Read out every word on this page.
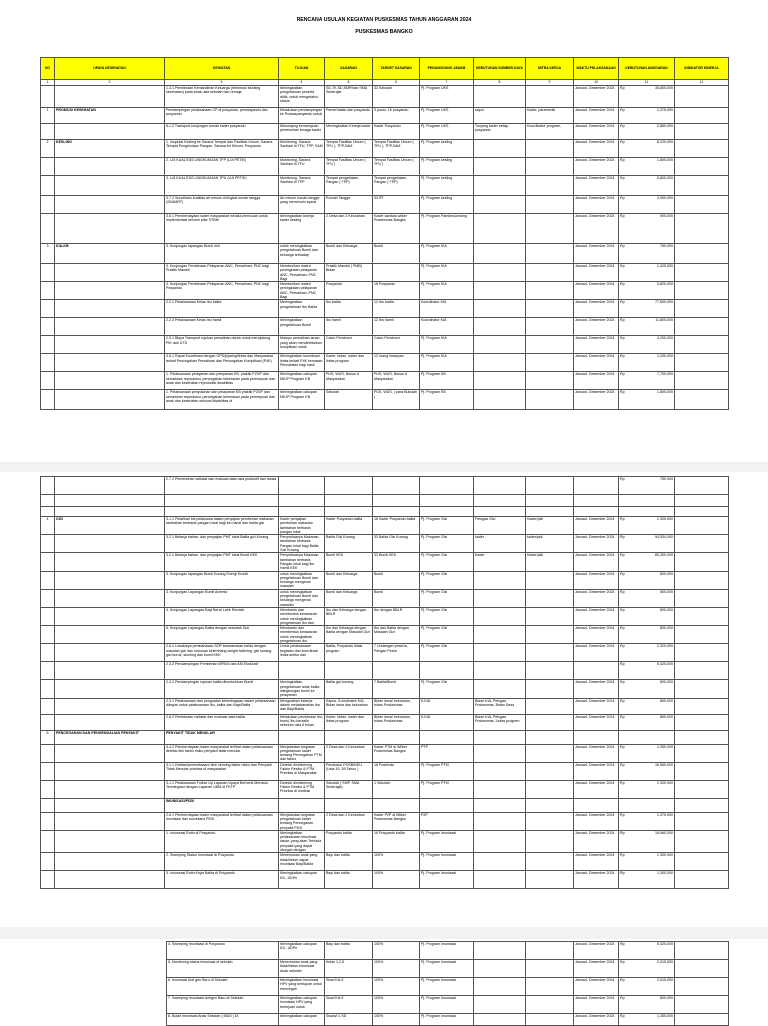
RENCANA USULAN KEGIATAN PUSKESMAS TAHUN ANGGARAN 2024
PUSKESMAS BANGKO
NO	UPAYA KESEHATAN	KEGIATAN	TUJUAN	SASARAN	TARGET SASARAN	PENANGGUNG JAWAB	KEBUTUHAN SUMBER DAYA	MITRA KERJA	WAKTU PELAKSANAAN	KEBUTUHAN ANGGARAN	INDIKATOR KINERJA
1	2	3	4	5	6	7	8	9	10	11	12
		1.3.1 Pembinaan Kemandirian Keluarga (Informasi stunting kesehatan) pada anak usia sekolah dan remaja	Meningkatkan pengetahuan peserta didik, untuk mengetahui status	SD,TK,SD,SMP/dan SMA Sederajat	33 Sekolah	Pj. Program UKS			Januari- Desember 2024	Rp 35,800,000	

1	PROMOSI KESEHATAN	Pendampingan pelaksanaan CP di posyandu, pemadyandu dan posyandu	Melakukan pendampingan ke Puskaspanyandu untuk	Pemerhatian dan posyandu	3 pustu, 16 posyandu	Pj. Program UKS	sapul	Kader, paramedis	Januari- Desember 2024	Rp 2,375,000	

		6.1.2 Transport kunjungan rumah kader posyandu	Menunjang kemampuan pemenuhan tenaga kader	Meningkatkan Kinerja kader	Kader Posyandu	Pj. Program UKS	Tunjang kader setiap posyandu	Koordinator program,	Januari- Desember 2024	Rp 2,880,000	

2	KESLING	1. Inspeksi Kesling ke Sarana Tempat dan Fasilitas Umum, Sarana Tempat Pengelolaan Pangan, Sarana Air Minum, Posyandu	Monitoring, Sarana Sanitasi di TFU, TPP, SAM	Tempat Fasilitas Umum ( TFU ), TPP,SAM	Tempat Fasilitas Umum ( TFU ), TPP,SAM	Pj. Program kesling			Januari- Desember 2024	Rp 8,220,000	

		2. UJI KUALITAS LINGKUNGAN TFP (UJI PETIK)	Monitoring, Sarana Sanitasi di TFU	Tempat Fasilitas Umum ( TFU )	Tempat Fasilitas Umum ( TFU )	Pj. Program kesling			Januari- Desember 2024	Rp 1,800,000	

		3. UJI KUALITAS LINGKUNGAN TPU (UJI PETIK)	Monitoring, Sarana Sanitasi di TPP	Tempat pengelolaan Pangan ( TPP)	Tempat pengelolaan Pangan ( TPP)	Pj. Program kesling			Januari- Desember 2024	Rp 6,800,000	

		3.7.2 Surveilans kualitas air minum di tingkat rumah tangga (SKAMRT)	Air minum rumah tangga yang memenuhi syarat	Rumah Tangga	33 RT	Pj. Program kesling			Januari- Desember 2024	Rp 3,900,000	

		3.6.1 Pemberdayaan kader masyarakat melalui pemicuan untuk implementasi seluruh pilar STBM	Meningkatkan kinerja kader kesling	2 Desa dan 2 Kelurahan	Kader sanitasi wilker Puskesmas Bangko	Pj. Program Pamilesi,kesling			Januari- Desember 2024	Rp 900,000	

3	KIA-KB	3. Kunjungan lapangan Bumil risti	untuk meningkatkan pengetahuan Bumil dan keluarga terhadap	Bumil dan Keluarga	Bumil	Pj. Program KIA			Januari- Desember 2024	Rp 750,000	

		3. Kunjungan Pembinaan Pelayanan ANC, Persalinan, PNC bagi Praktik Mandiri	Memberikan materi peningkatan pelayanan ANC, Persalinan, PNC Bagi	Praktik Mandiri ( PMB) Bidan		Pj. Program KIA			Januari- Desember 2024	Rp 1,425,000	

		3. Kunjungan Pembinaan Pelayanan ANC, Persalinan, PNC bagi Posyandu	Memberikan materi peningkatan pelayanan ANC, Persalinan, PNC Bagi	Posyandu	16 Posyandu	Pj. Program KIA			Januari- Desember 2024	Rp 5,820,000	

		2.2.1 Pelaksanaan Kelas Ibu balita	Meningkatkan pengetahuan Ibu Balita	Ibu balita	12 Ibu balita	Koordinator KIA			Januari- Desember 2024	Rp 77,800,000	

		2.2.2 Pelaksanaan Kelas Ibu hamil	Meningkatkan pengetahuan Bumil	Ibu hamil	12 Ibu hamil	Koordinator KIA			Januari- Desember 2024	Rp 11,800,000	

		2.5.1 Biaya Transport rujukan persalinan darah untuk merujukung PIK dari UTD	Mampu persalinan aman yang akan mendeteksikan komplikasi untuk	Calon Pendonor	Calon Pendonor	Pj. Program KIA			Januari- Desember 2024	Rp 4,200,000	

		3.6.1 Rapat Koordinasi dengan OPD/jejaring/lintas dan Masyarakat terkait Pencegahan Persalinan dan Pencegahan Komplikasi (P4K)	Meningkatkan koordinasi lintas terkait P4K kemasan Pencatatan bagi hasil	Kader, bidan, kader dan lintas program	12 orang lintaspan	Pj. Program KIA			Januari- Desember 2024	Rp 1,200,000	

		1. Pelaksanaan pelayanan dan pelayanan KB, praktik P2GP dan kemahiran reproduksi, pencegahan kekerasan pada perempuan dan anak dan kesehatan reproduksi disabilitas	Meningkatkan cakupan MKJP Program KB	PUS, WUS, Bukus & Masyarakat	PUS, WUS, Bukus & Masyarakat	Pj. Program KB			Januari- Desember 2024	Rp 7,700,000	

		1. Pelaksanaan penyuluhan dan pelayanan KB praktik P2GP dan kemahiran reproduksi, pencegahan kekerasan pada perempuan dan anak dan kesehatan seksual disabilitas di	Meningkatkan cakupan MKJP Program KB	Sekolah	PUS, WUS, ( para Bukulah )	Pj. Program KB			Januari- Desember 2024	Rp 1,800,000	

		2.7.2 Pemenuhan validasi dan evaluasi data usia produktif dan lansia								Rp 750,000	

4	GIZI	3.1.1 Pelatihan kls pelaksana dalam penyajian pemberian makanan tambahan berbasis pangan lokal bagi ibu hamil dan balita gizi	Kader penyajian pemberian makanan tambahan berbasis pangan lokal	Kader Posyandu balita	18 Kader Posyandu balita	Pj. Program Gizi	Petugas Gizi	Kader/pkk	Januari- Desember 2024	Rp 2,305,000	

		3.2.1 Belanja bahan, dan penyajian PMT lokal Balita gizi Kurang	Penyediaanya Makanan tambahan berbasis Pangan lokal bagi Balita Gizi Kurang	Balita Gizi Kurang	33 Balita Gizi Kurang	Pj. Program Gizi	kader	kader/pkk	Januari- Desember 2024	Rp 94,534,000	

		3.2.1 Belanja bahan, dan penyajian PMT lokal Bumil KEK	Penyediaanya Makanan tambahan berbasis Pangan lokal bagi ibu Hamil KEK	Bumil KEK	33 Bumil KEK	Pj. Program Gizi	Kader	Kader/pkk	Januari- Desember 2024	Rp 80,300,000	

		3. Kunjungan lapangan Bumil Kurang Energi Kronik	untuk meningkatkan pengetahuan Bumil dan keluarga mengenai masalah	Bumil dan Keluarga	Bumil	Pj. Program Gizi			Januari- Desember 2024	Rp 800,000	

		3. Kunjungan Lapangan Bumil Anemia	untuk meningkatkan pengetahuan Bumil dan keluarga mengenai masalah	Bumil dan Keluarga	Bumil	Pj. Program Gizi			Januari- Desember 2024	Rp 800,000	

		4. Kunjungan Lapangan Bayi Berat Lahir Rendah	Membantu dan membentuk kerawanan untuk meningkatkan pengetahuan ibu dan	Ibu dan Keluarga dengan BBLR	Ibu dengan BBLR	Pj. Program Gizi			Januari- Desember 2024	Rp 800,000	

		5. Kunjungan Lapangan Balita dengan masalah Gizi	Membantu dan membentuk kerawanan untuk meningkatkan pengetahuan ibu	Ibu dan Keluarga dengan Balita dengan Masalah Gizi	Ibu dan Balita dengan Masalah Gizi	Pj. Program Gizi			Januari- Desember 2024	Rp 800,000	

		2.6.1 Lokakarya pembahasan SOP keselamatan balita dengan masalah gizi dan rumusan kelembang weight faltering, gizi kurang, gizi buruk, stunting dan bumil KEK	Untuk pelaksanaan kegiatan dan koordinasi lintas sektor dan	Balita, Posyandu lintas program	7 Undangan peserta, Pengan Pesta	Pj. Program Gizi			Januari- Desember 2024	Rp 2,320,000	

		2.3.2 Pendampingan Pemberian MPASI dan ASI Eksklusif								Rp 5,420,000	

		2.3.2 Pendampingan rujukan balita ditumbuhkan Bumil	Meningkatkan pengetahuan anak balita dilingkungan bumil ke pelayanan	Balita gizi kurang	7 Balita/Bumil	Pj. Program Gizi			Januari- Desember 2024	Rp 800,000	

		2.3.1 Pelaksanaan dan penguatan kelembagaan dalam pelaksanaan dibayar untuk pelaksanaan ibu, balita dan Bayi/Balita	Menguatkan sekerja dalam melaksanakan Ibu dan Bayi/Balita	Kapus, Koordinator KIA, Bidan desa dan kelurahan	Bidan desa/ kelurahan, bidan Puskesmas	K.KIA	Bidan KIA, Petugas Puskesmas, Bidan Desa		Januari- Desember 2024	Rp 800,000	

		2.6.2 Pembinaan validasi dan evaluasi data balita	Melakukan pembinaan ibu, bumil, ibu bersalin sebelum usia 6 bulan	Kader, bidan, kader dan lintas program	Bidan desa/ kelurahan, bidan Puskesmas	K.KIA	Bidan KIA, Petugas Puskesmas, Lintas program		Januari- Desember 2024	Rp 800,000	

5	PENCEGAHAN DAN PENGENDALIAN PENYAKIT	PENYAKIT TIDAK MENULAR									
		4.4.2 Pemberdayaan kader masyarakat terlibat dalam pelaksanaan deteksi dini faktor risiko penyakit tidak menular	Menjalankan kegiatan pengetahuan kader tentang Pencegahan PTM dan faktor	2 Desa dan 2 Kelurahan	Kader PTM di Wilker Puskesmas Bangko	PTP			Januari- Desember 2024	Rp 1,350,000	

		3.1.1 Deteksi/pemeriksaan/ dini/ skrining faktor risiko dan Penyakit Tidak Menular prioritas di masyarakat	Deteksi dini/skrining Faktor Resiko & PTM Prioritas di Masyarakat	Penduduk POSBINDU (Usia 15- 59 Tahun )	16 Posbindu	Pj. Program PTM			Januari- Desember 2024	Rp 16,560,000	

		3.1.1 Pelaksanaan Follow Up Layanan Upaya Berhenti Merokok Terintegrasi dengan Layanan UBM di FKTP	Deteksi dini/skrining Faktor Resiko & PTM Prioritas di Institusi	Sekolah ( SMP, SMA Sederajat)	1 Sekolah	Pj. Program PTM			Januari- Desember 2024	Rp 2,320,000	

		IMUNISASI/PDDI									
		2.6.1 Pemberdayaan kader masyarakat terlibat dalam pelaksanaan imunisasi dan surveilans PD3I	Menjalankan kegiatan pengetahuan kader tentang Pencegahan penyakit PD3I	2 Desa dan 2 Kelurahan	Kader P2P di Wilker Puskesmas Bangko	P2P			Januari- Desember 2024	Rp 1,375,000	

		1. Imunisasi Rutin di Posyandu	Meningkatkan pelaksanaan imunisasi dasar, yang akan Terhada penyakit yang dapat dicegah dengan	Posyandu balita	16 Posyandu balita	Pj. Program Imunisasi			Januari- Desember 2024	Rp 16,960,000	

		2. Sweeping Status Imunisasi di Posyandu	Menemukan anak yang tidak/belum dapat imunisasi Bayi/Balita	Bayi dan balita	100%	Pj. Program Imunisasi			Januari- Desember 2024	Rp 1,300,000	

		3. Imunisasi Rutin Kejar Balita di Posyandu	Meningkatkan cakupan IDL, UDPn	Bayi dan balita	100%	Pj. Program Imunisasi			Januari- Desember 2024	Rp 1,300,000	

4. Sweeping Imunisasi di Posyandu	Meningkatkan cakupan IDL, UDPn	Bayi dan balita	100%	Pj. Program Imunisasi			Januari- Desember 2024	Rp 5,320,000	

5. Monitoring status imunisasi di sekolah	Menemukan anak yang tidak/belum imunisasi Anak sekolah	Kelas 1,2,5	100%	Pj. Program Imunisasi			Januari- Desember 2024	Rp 2,015,000	

6. Imunisasi Anti gen Baru di Sekolah	Meningkatkan imunisasi HPV yang bertujuan untuk mencegah	Siswi Kls 5	100%	Pj. Program Imunisasi			Januari- Desember 2024	Rp 2,015,000	

7. Sweeping Imunisasi Antigen Baru di Sekolah	Meningkatkan cakupan imunisasi HPV yang bertujuan untuk	Siswi Kls 5	100%	Pj. Program Imunisasi			Januari- Desember 2024	Rp 800,000	

8. Bulan Imunisasi Anak Sekolah ( BIAS ) Dt	Meningkatkan cakupan	Siswa/i 1 SD	100%	Pj. Program Imunisasi			Januari- Desember 2024	Rp 1,350,000	
